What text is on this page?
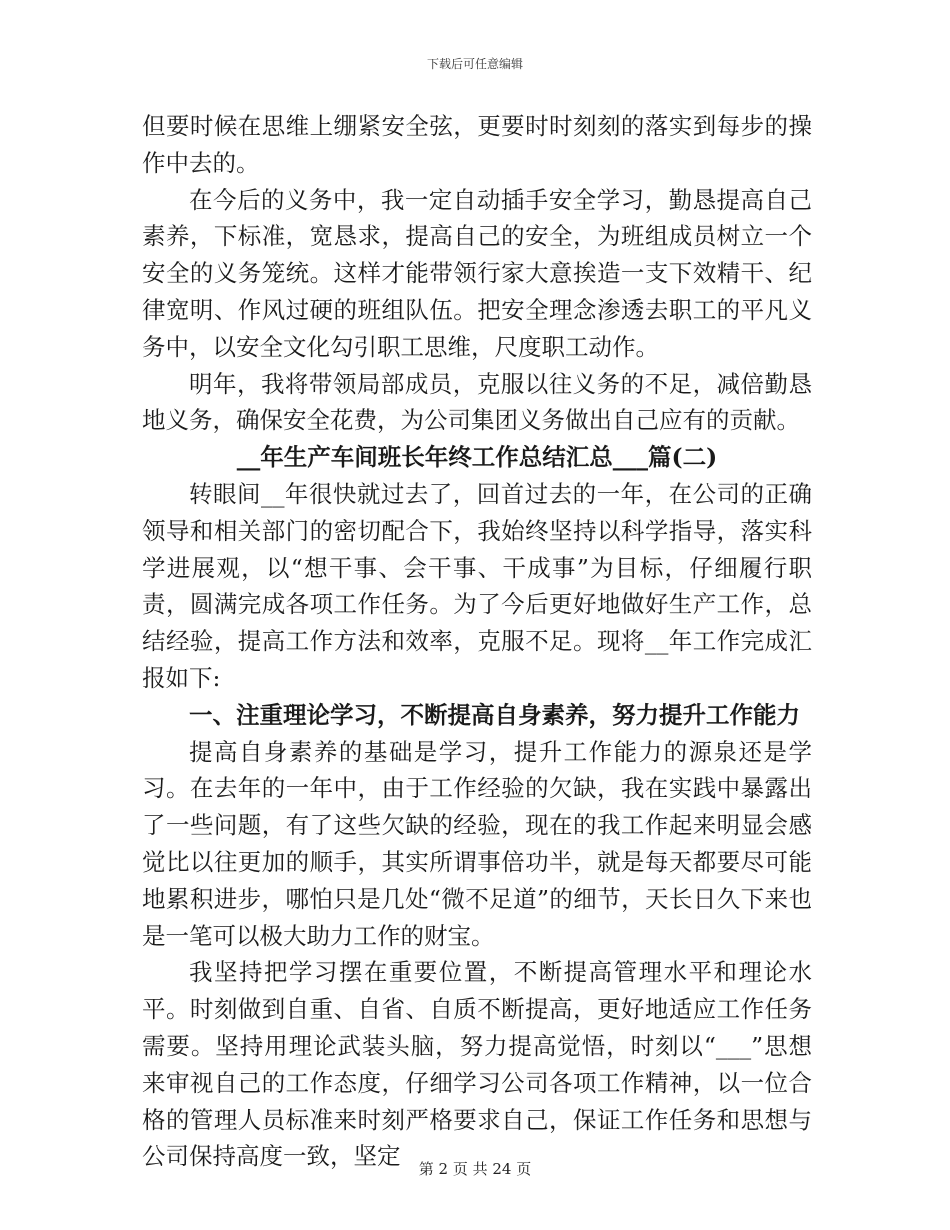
下载后可任意编辑

但要时候在思维上绷紧安全弦，更要时时刻刻的落实到每步的操作中去的。

在今后的义务中，我一定自动插手安全学习，勤恳提高自己素养，下标准，宽恳求，提高自己的安全，为班组成员树立一个安全的义务笼统。这样才能带领行家大意挨造一支下效精干、纪律宽明、作风过硬的班组队伍。把安全理念渗透去职工的平凡义务中，以安全文化勾引职工思维，尺度职工动作。

明年，我将带领局部成员，克服以往义务的不足，减倍勤恳地义务，确保安全花费，为公司集团义务做出自己应有的贡献。

__年生产车间班长年终工作总结汇总___篇(二)

转眼间__年很快就过去了，回首过去的一年，在公司的正确领导和相关部门的密切配合下，我始终坚持以科学指导，落实科学进展观，以“想干事、会干事、干成事”为目标，仔细履行职责，圆满完成各项工作任务。为了今后更好地做好生产工作，总结经验，提高工作方法和效率，克服不足。现将__年工作完成汇报如下:

一、注重理论学习，不断提高自身素养，努力提升工作能力

提高自身素养的基础是学习，提升工作能力的源泉还是学习。在去年的一年中，由于工作经验的欠缺，我在实践中暴露出了一些问题，有了这些欠缺的经验，现在的我工作起来明显会感觉比以往更加的顺手，其实所谓事倍功半，就是每天都要尽可能地累积进步，哪怕只是几处“微不足道”的细节，天长日久下来也是一笔可以极大助力工作的财宝。

我坚持把学习摆在重要位置，不断提高管理水平和理论水平。时刻做到自重、自省、自质不断提高，更好地适应工作任务需要。坚持用理论武装头脑，努力提高觉悟，时刻以“___”思想来审视自己的工作态度，仔细学习公司各项工作精神，以一位合格的管理人员标准来时刻严格要求自己，保证工作任务和思想与公司保持高度一致，坚定	第 2 页 共 24 页
